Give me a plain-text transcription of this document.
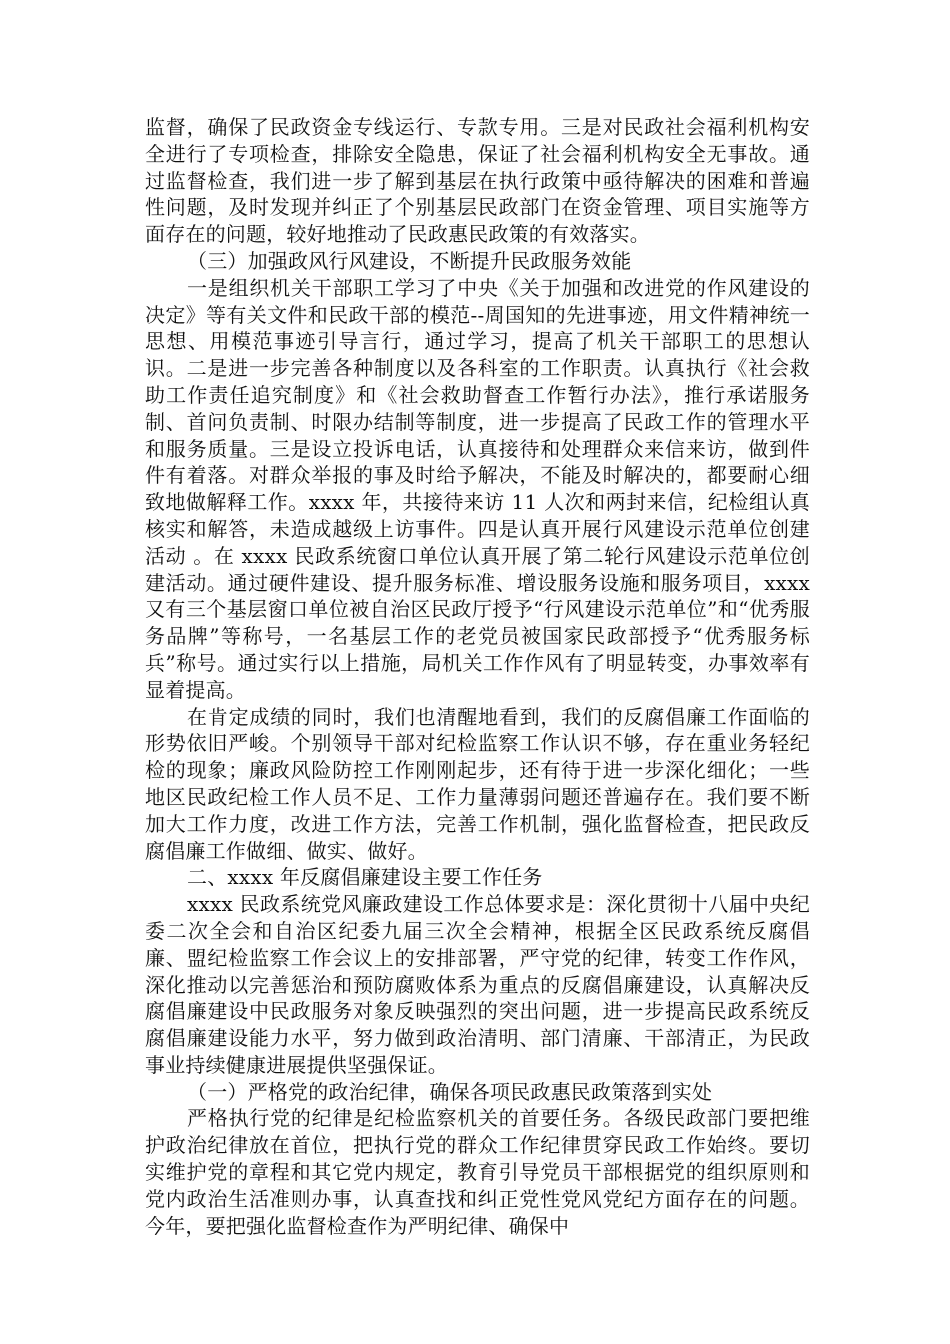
监督，确保了民政资金专线运行、专款专用。三是对民政社会福利机构安全进行了专项检查，排除安全隐患，保证了社会福利机构安全无事故。通过监督检查，我们进一步了解到基层在执行政策中亟待解决的困难和普遍性问题，及时发现并纠正了个别基层民政部门在资金管理、项目实施等方面存在的问题，较好地推动了民政惠民政策的有效落实。

（三）加强政风行风建设，不断提升民政服务效能

一是组织机关干部职工学习了中央《关于加强和改进党的作风建设的决定》等有关文件和民政干部的模范--周国知的先进事迹，用文件精神统一思想、用模范事迹引导言行，通过学习，提高了机关干部职工的思想认识。二是进一步完善各种制度以及各科室的工作职责。认真执行《社会救助工作责任追究制度》和《社会救助督查工作暂行办法》，推行承诺服务制、首问负责制、时限办结制等制度，进一步提高了民政工作的管理水平和服务质量。三是设立投诉电话，认真接待和处理群众来信来访，做到件件有着落。对群众举报的事及时给予解决，不能及时解决的，都要耐心细致地做解释工作。xxxx 年，共接待来访 11 人次和两封来信，纪检组认真核实和解答，未造成越级上访事件。四是认真开展行风建设示范单位创建活动 。在 xxxx 民政系统窗口单位认真开展了第二轮行风建设示范单位创建活动。通过硬件建设、提升服务标准、增设服务设施和服务项目，xxxx 又有三个基层窗口单位被自治区民政厅授予“行风建设示范单位”和“优秀服务品牌”等称号，一名基层工作的老党员被国家民政部授予“优秀服务标兵”称号。通过实行以上措施，局机关工作作风有了明显转变，办事效率有显着提高。

在肯定成绩的同时，我们也清醒地看到，我们的反腐倡廉工作面临的形势依旧严峻。个别领导干部对纪检监察工作认识不够，存在重业务轻纪检的现象；廉政风险防控工作刚刚起步，还有待于进一步深化细化；一些地区民政纪检工作人员不足、工作力量薄弱问题还普遍存在。我们要不断加大工作力度，改进工作方法，完善工作机制，强化监督检查，把民政反腐倡廉工作做细、做实、做好。

二、xxxx 年反腐倡廉建设主要工作任务

xxxx 民政系统党风廉政建设工作总体要求是：深化贯彻十八届中央纪委二次全会和自治区纪委九届三次全会精神，根据全区民政系统反腐倡廉、盟纪检监察工作会议上的安排部署，严守党的纪律，转变工作作风，深化推动以完善惩治和预防腐败体系为重点的反腐倡廉建设，认真解决反腐倡廉建设中民政服务对象反映强烈的突出问题，进一步提高民政系统反腐倡廉建设能力水平，努力做到政治清明、部门清廉、干部清正，为民政事业持续健康进展提供坚强保证。

（一）严格党的政治纪律，确保各项民政惠民政策落到实处

严格执行党的纪律是纪检监察机关的首要任务。各级民政部门要把维护政治纪律放在首位，把执行党的群众工作纪律贯穿民政工作始终。要切实维护党的章程和其它党内规定，教育引导党员干部根据党的组织原则和党内政治生活准则办事，认真查找和纠正党性党风党纪方面存在的问题。今年，要把强化监督检查作为严明纪律、确保中
